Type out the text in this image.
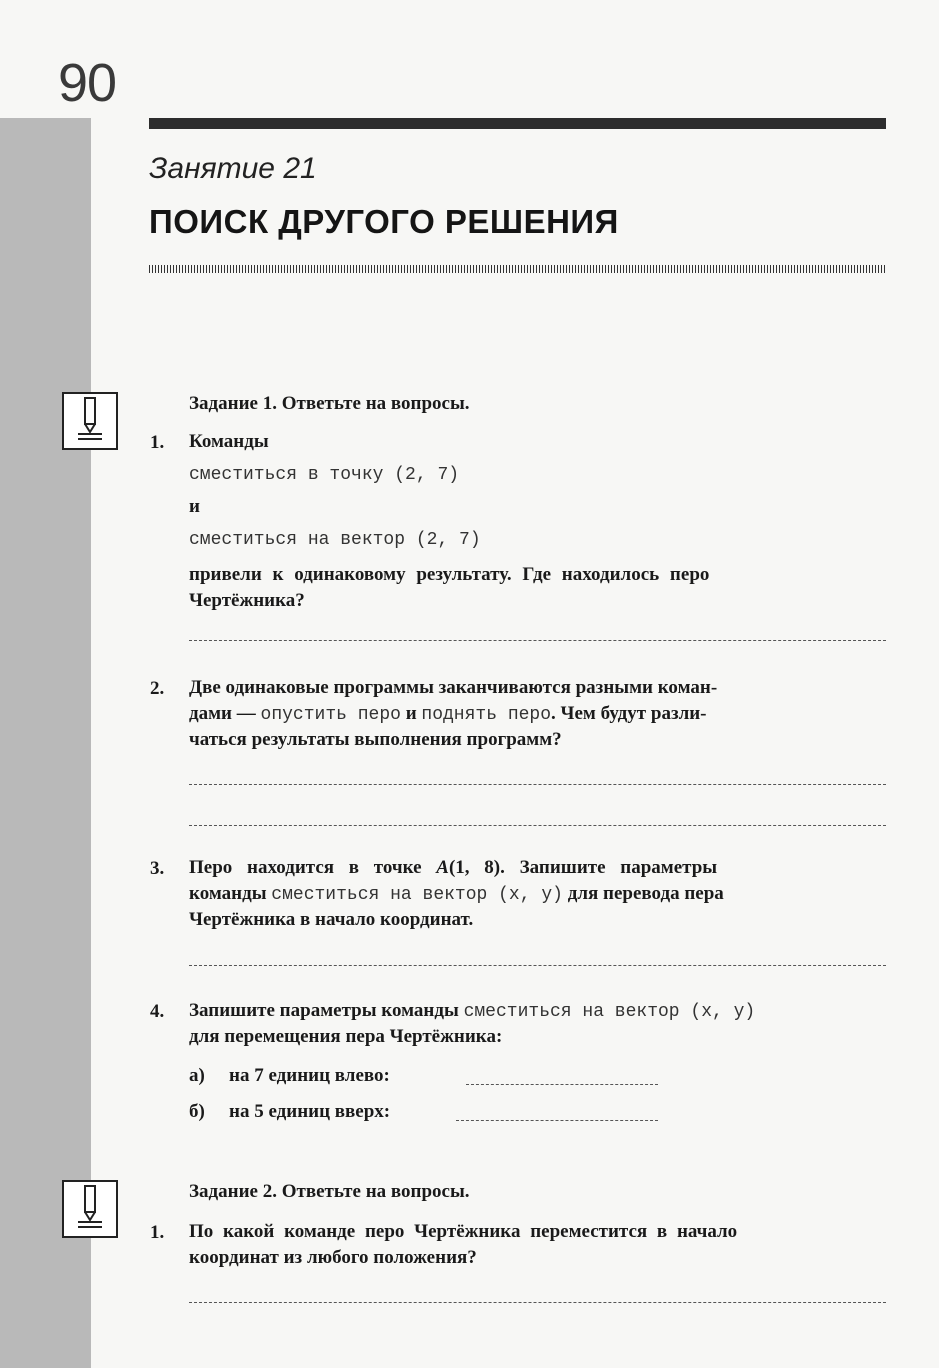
90
Занятие 21
ПОИСК ДРУГОГО РЕШЕНИЯ
Задание 1. Ответьте на вопросы.
1. Команды
сместиться в точку (2, 7)
и
сместиться на вектор (2, 7)
привели к одинаковому результату. Где находилось перо
Чертёжника?
2. Две одинаковые программы заканчиваются разными коман-
дами — опустить перо и поднять перо. Чем будут разли-
чаться результаты выполнения программ?
3. Перо находится в точке A(1, 8). Запишите параметры
команды сместиться на вектор (x, y) для перевода пера
Чертёжника в начало координат.
4. Запишите параметры команды сместиться на вектор (x, y)
для перемещения пера Чертёжника:
а) на 7 единиц влево:
б) на 5 единиц вверх:
Задание 2. Ответьте на вопросы.
1. По какой команде перо Чертёжника переместится в начало
координат из любого положения?
